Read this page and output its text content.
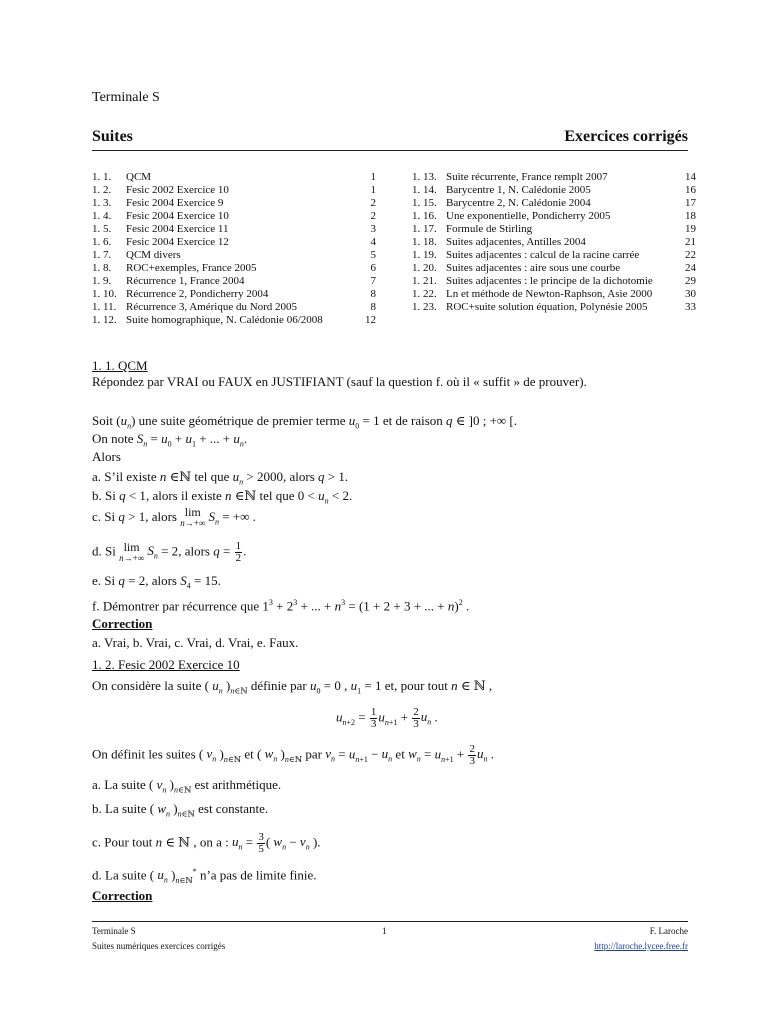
Terminale S
Suites	Exercices corrigés
1. 1.	QCM	1
1. 2.	Fesic 2002 Exercice 10	1
1. 3.	Fesic 2004 Exercice 9	2
1. 4.	Fesic 2004 Exercice 10	2
1. 5.	Fesic 2004 Exercice 11	3
1. 6.	Fesic 2004 Exercice 12	4
1. 7.	QCM divers	5
1. 8.	ROC+exemples, France 2005	6
1. 9.	Récurrence 1, France 2004	7
1. 10. Récurrence 2, Pondicherry 2004	8
1. 11. Récurrence 3, Amérique du Nord 2005	8
1. 12. Suite homographique, N. Calédonie 06/2008	12
1. 13. Suite récurrente, France remplt 2007	14
1. 14. Barycentre 1, N. Calédonie 2005	16
1. 15. Barycentre 2, N. Calédonie 2004	17
1. 16. Une exponentielle, Pondicherry 2005	18
1. 17. Formule de Stirling	19
1. 18. Suites adjacentes, Antilles 2004	21
1. 19. Suites adjacentes : calcul de la racine carrée	22
1. 20. Suites adjacentes : aire sous une courbe	24
1. 21. Suites adjacentes : le principe de la dichotomie	29
1. 22. Ln et méthode de Newton-Raphson, Asie 2000	30
1. 23. ROC+suite solution équation, Polynésie 2005	33
1. 1. QCM
Répondez par VRAI ou FAUX en JUSTIFIANT (sauf la question f. où il « suffit » de prouver).
Soit $(u_n)$ une suite géométrique de premier terme $u_0 = 1$ et de raison q ∈ ]0 ; +∞ [.
On note $S_n = u_0 + u_1$ + ... + $u_n$.
Alors
a. S’il existe n ∈ℕ tel que $u_n > 2000$, alors q > 1.
b. Si q < 1, alors il existe n ∈ℕ tel que $0 < u_n < 2$.
c. Si q > 1, alors lim
n→+∞ $S_n$ = +∞ .
d. Si lim
n→+∞ $S_n = 2$, alors $q = \frac{1}{2}$ .
e. Si q = 2, alors $S_4 = 15$.
f. Démontrer par récurrence que $1^3 + 2^3$ + ... + $n^3 = (1 + 2 + 3$ + ... + n)$^2$ .
Correction
a. Vrai, b. Vrai, c. Vrai, d. Vrai, e. Faux.
1. 2. Fesic 2002 Exercice 10
On considère la suite ( $u_n$ )$_{n\in ℕ}$ définie par $u_0 = 0$ , $u_1 = 1$ et, pour tout n ∈ ℕ ,
$u_{n+2} = \frac{1}{3} u_{n+1} + \frac{2}{3} u_n$ .
On définit les suites ( $v_n$ )$_{n\in ℕ}$ et ( $w_n$ )$_{n\in ℕ}$ par $v_n = u_{n+1} - u_n$ et $w_n = u_{n+1} + \frac{2}{3} u_n$ .
a. La suite ( $v_n$ )$_{n\in ℕ}$ est arithmétique.
b. La suite ( $w_n$ )$_{n\in ℕ}$ est constante.
c. Pour tout n ∈ ℕ , on a : $u_n = \frac{3}{5}$ ( $w_n - v_n$ ).
d. La suite ( $u_n$ )$_{n\in ℕ}^*$ n’a pas de limite finie.
Correction
Terminale S
Suites numériques exercices corrigés
1	F. Laroche
http://laroche.lycee.free.fr
